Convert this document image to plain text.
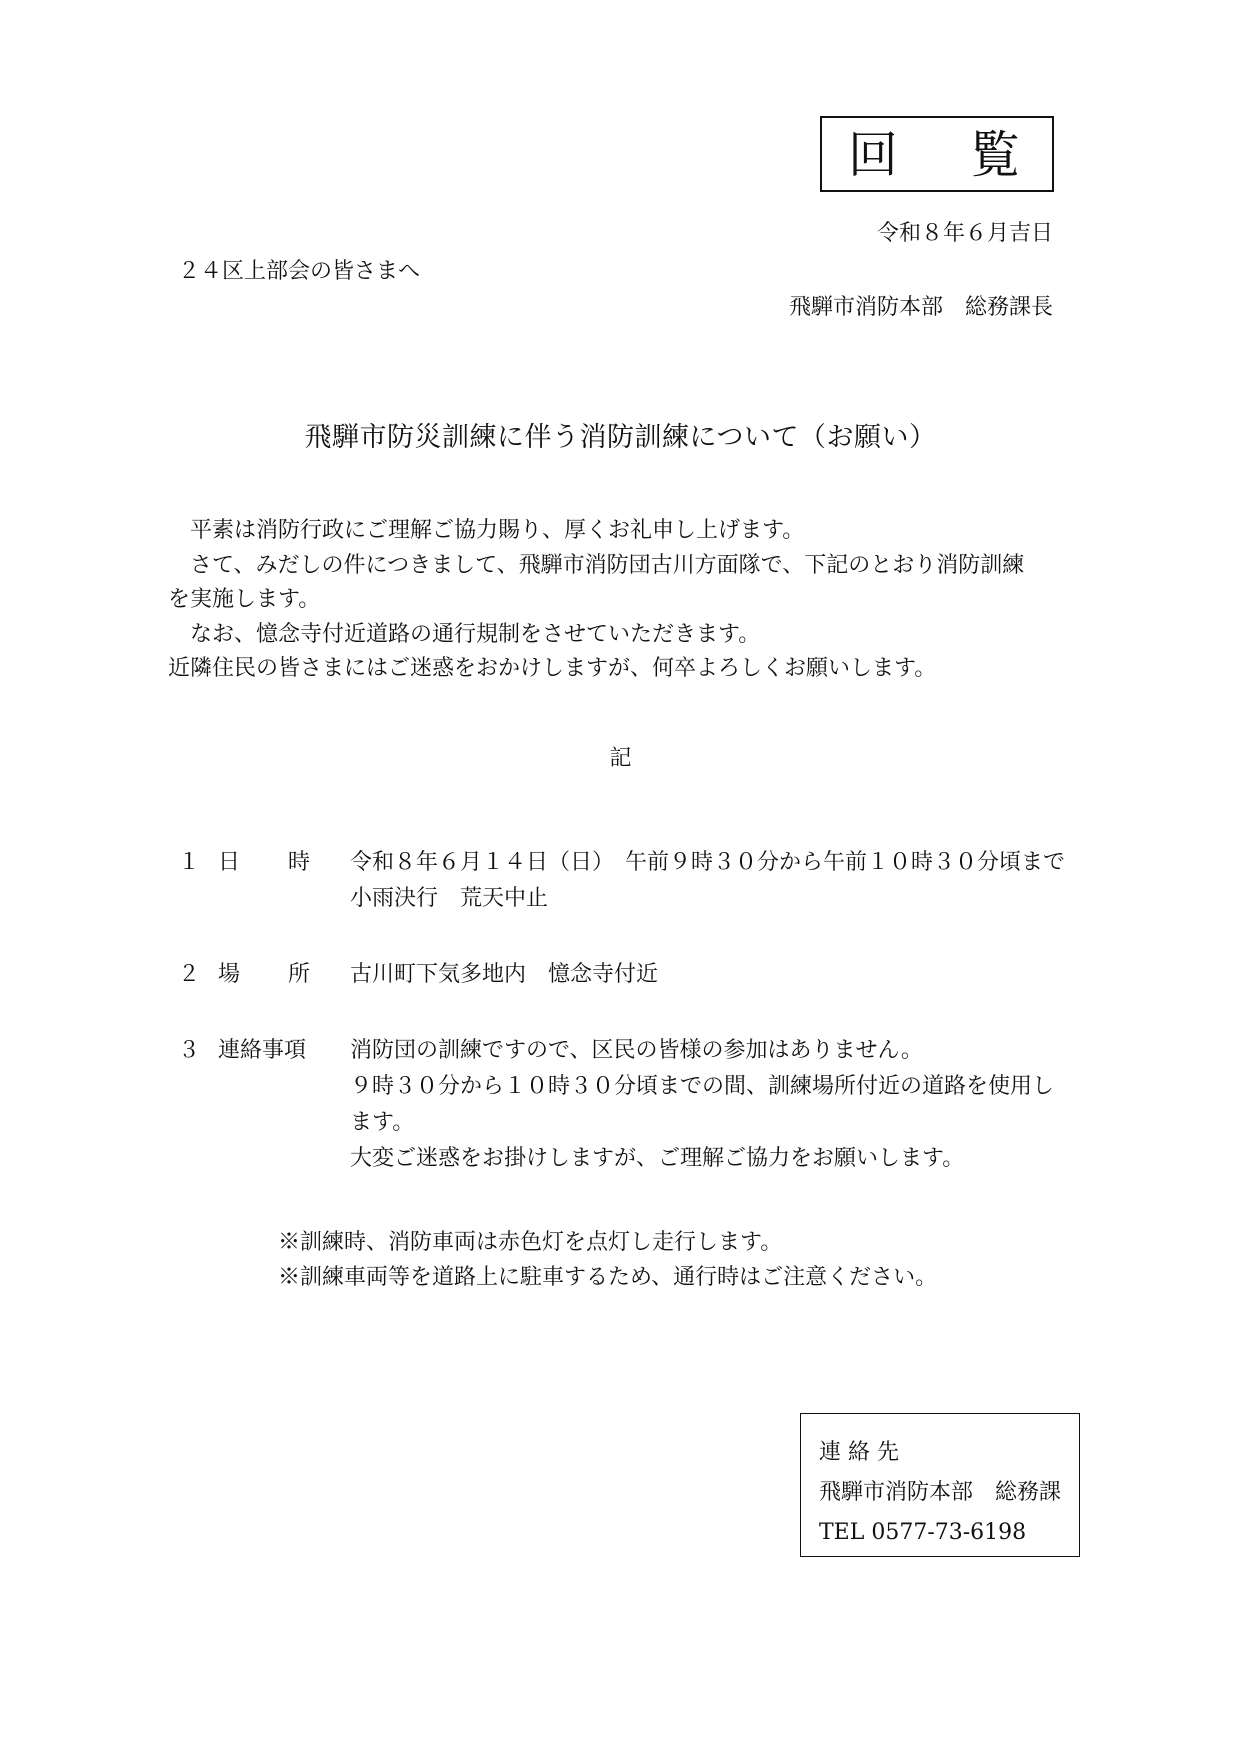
回 覧
令和８年６月吉日
２４区上部会の皆さまへ
飛騨市消防本部　総務課長
飛騨市防災訓練に伴う消防訓練について（お願い）
平素は消防行政にご理解ご協力賜り、厚くお礼申し上げます。
さて、みだしの件につきまして、飛騨市消防団古川方面隊で、下記のとおり消防訓練
を実施します。
なお、憶念寺付近道路の通行規制をさせていただきます。
近隣住民の皆さまにはご迷惑をおかけしますが、何卒よろしくお願いします。
記
１ 日 時 令和８年６月１４日（日）　午前９時３０分から午前１０時３０分頃まで
小雨決行　荒天中止
２ 場 所 古川町下気多地内　憶念寺付近
３ 連絡事項 消防団の訓練ですので、区民の皆様の参加はありません。
９時３０分から１０時３０分頃までの間、訓練場所付近の道路を使用し
ます。
大変ご迷惑をお掛けしますが、ご理解ご協力をお願いします。
※訓練時、消防車両は赤色灯を点灯し走行します。
※訓練車両等を道路上に駐車するため、通行時はご注意ください。
連 絡 先
飛騨市消防本部　総務課
TEL 0577-73-6198
